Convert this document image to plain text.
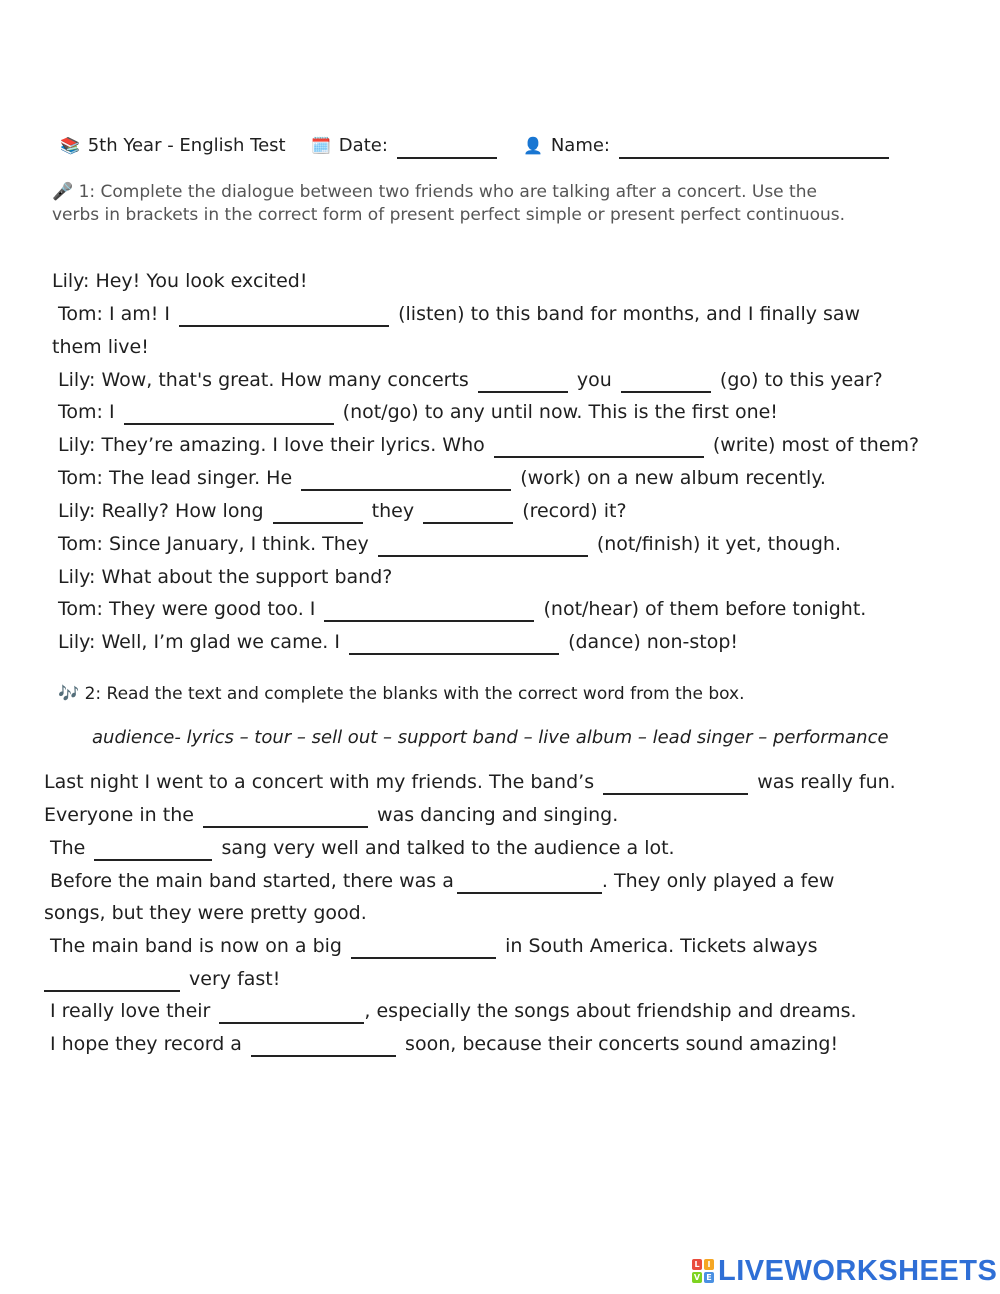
📚 5th Year - English Test 🗓️ Date:	👤 Name:
🎤 1: Complete the dialogue between two friends who are talking after a concert. Use the verbs in brackets in the correct form of present perfect simple or present perfect continuous.
Lily: Hey! You look excited!
Tom: I am! I	(listen) to this band for months, and I finally saw
them live!
Lily: Wow, that's great. How many concerts	you	(go) to this year?
Tom: I	(not/go) to any until now. This is the first one!
Lily: They’re amazing. I love their lyrics. Who	(write) most of them?
Tom: The lead singer. He	(work) on a new album recently.
Lily: Really? How long	they	(record) it?
Tom: Since January, I think. They	(not/finish) it yet, though.
Lily: What about the support band?
Tom: They were good too. I	(not/hear) of them before tonight.
Lily: Well, I’m glad we came. I	(dance) non-stop!
🎶 2: Read the text and complete the blanks with the correct word from the box.
audience- lyrics – tour – sell out – support band – live album – lead singer – performance
Last night I went to a concert with my friends. The band’s	was really fun.
Everyone in the	was dancing and singing.
The	sang very well and talked to the audience a lot.
Before the main band started, there was a	. They only played a few
songs, but they were pretty good.
The main band is now on a big	in South America. Tickets always
very fast!
I really love their	, especially the songs about friendship and dreams.
I hope they record a	soon, because their concerts sound amazing!
L I
V E LIVEWORKSHEETS
